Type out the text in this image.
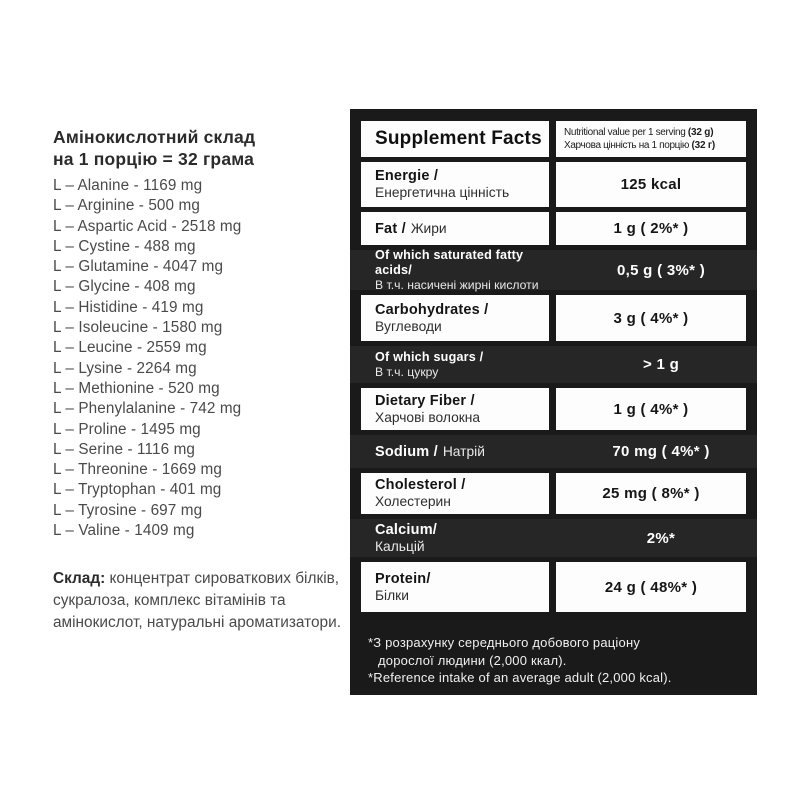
Амінокислотний склад
на 1 порцію = 32 грама
L – Alanine - 1169 mg
L – Arginine - 500 mg
L – Aspartic Acid - 2518 mg
L – Cystine - 488 mg
L – Glutamine - 4047 mg
L – Glycine - 408 mg
L – Histidine - 419 mg
L – Isoleucine - 1580 mg
L – Leucine - 2559 mg
L – Lysine - 2264 mg
L – Methionine - 520 mg
L – Phenylalanine - 742 mg
L – Proline - 1495 mg
L – Serine - 1116 mg
L – Threonine - 1669 mg
L – Tryptophan - 401 mg
L – Tyrosine - 697 mg
L – Valine - 1409 mg
Склад: концентрат сироваткових білків, сукралоза, комплекс вітамінів та амінокислот, натуральні ароматизатори.
Supplement Facts	Nutritional value per 1 serving (32 g)
Харчова цінність на 1 порцію (32 г)
Energie /
Енергетична цінність	125 kcal
Fat / Жири	1 g ( 2%* )
Of which saturated fatty acids/
В т.ч. насичені жирні кислоти
0,5 g ( 3%* )
Carbohydrates /
Вуглеводи	3 g ( 4%* )
Of which sugars /
В т.ч. цукру	> 1 g
Dietary Fiber /
Харчові волокна	1 g ( 4%* )
Sodium / Натрій	70 mg ( 4%* )
Cholesterol /
Холестерин	25 mg ( 8%* )
Calcium/
Кальцій	2%*
Protein/
Білки	24 g ( 48%* )
*З розрахунку середнього добового раціону
дорослої людини (2,000 ккал).
*Reference intake of an average adult (2,000 kcal).
